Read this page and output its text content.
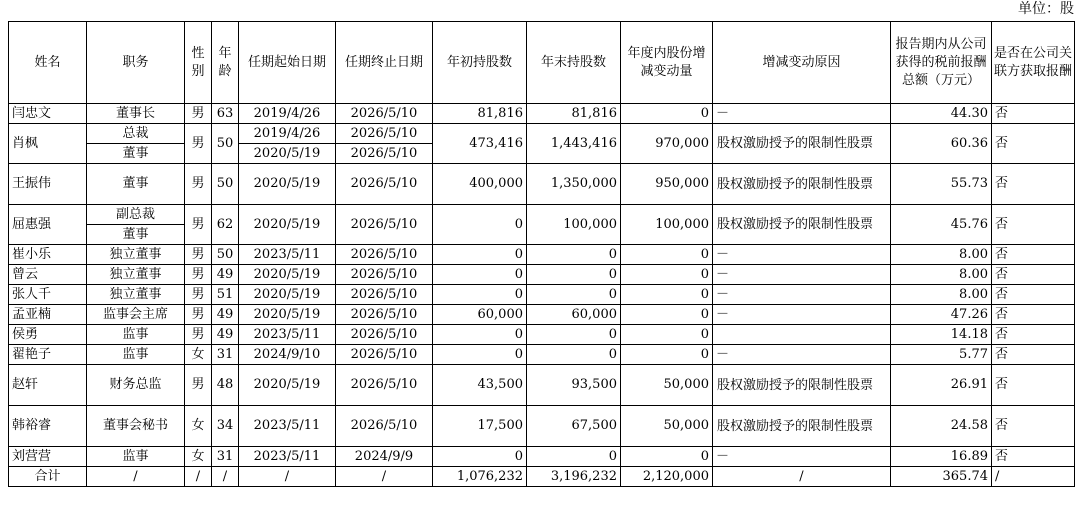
单位：股
姓名	职务	性别	年龄	任期起始日期	任期终止日期	年初持股数	年末持股数	年度内股份增减变动量	增减变动原因	报告期内从公司获得的税前报酬总额（万元）	是否在公司关联方获取报酬
闫忠文	董事长	男	63	2019/4/26	2026/5/10	81,816	81,816	0	－	44.30	否
肖枫	总裁	男	50	2019/4/26	2026/5/10	473,416	1,443,416	970,000	股权激励授予的限制性股票	60.36	否
	董事			2020/5/19	2026/5/10						
王振伟	董事	男	50	2020/5/19	2026/5/10	400,000	1,350,000	950,000	股权激励授予的限制性股票	55.73	否
屈惠强	副总裁	男	62	2020/5/19	2026/5/10	0	100,000	100,000	股权激励授予的限制性股票	45.76	否
	董事										
崔小乐	独立董事	男	50	2023/5/11	2026/5/10	0	0	0	－	8.00	否
曾云	独立董事	男	49	2020/5/19	2026/5/10	0	0	0	－	8.00	否
张人千	独立董事	男	51	2020/5/19	2026/5/10	0	0	0	－	8.00	否
孟亚楠	监事会主席	男	49	2020/5/19	2026/5/10	60,000	60,000	0	－	47.26	否
侯勇	监事	男	49	2023/5/11	2026/5/10	0	0	0		14.18	否
翟艳子	监事	女	31	2024/9/10	2026/5/10	0	0	0	－	5.77	否
赵轩	财务总监	男	48	2020/5/19	2026/5/10	43,500	93,500	50,000	股权激励授予的限制性股票	26.91	否
韩裕睿	董事会秘书	女	34	2023/5/11	2026/5/10	17,500	67,500	50,000	股权激励授予的限制性股票	24.58	否
刘营营	监事	女	31	2023/5/11	2024/9/9	0	0	0	－	16.89	否
合计	/	/	/	/	/	1,076,232	3,196,232	2,120,000	/	365.74	/
